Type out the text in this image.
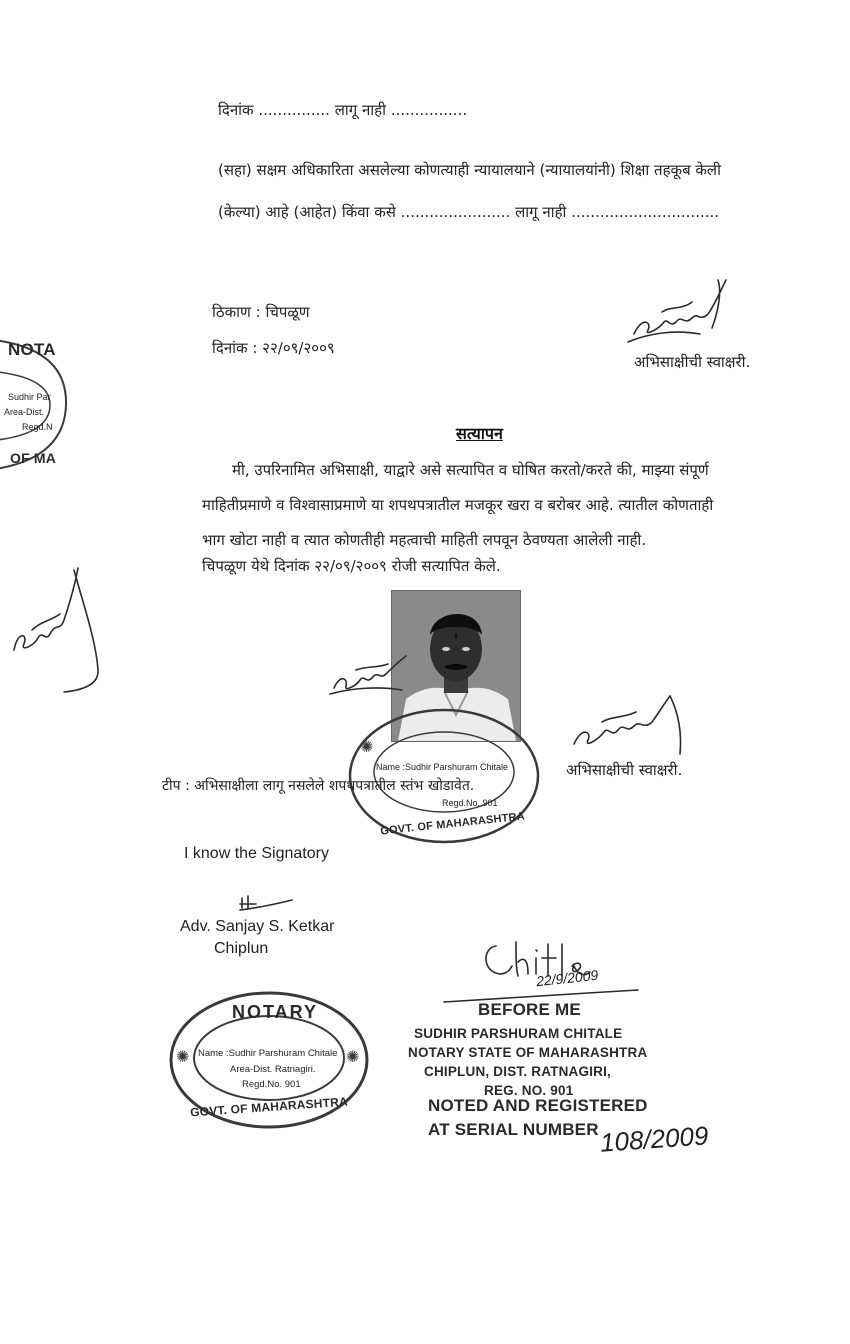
दिनांक ............... लागू नाही ................
(सहा) सक्षम अधिकारिता असलेल्या कोणत्याही न्यायालयाने (न्यायालयांनी) शिक्षा तहकूब केली
(केल्या) आहे (आहेत) किंवा कसे ....................... लागू नाही ...............................
ठिकाण : चिपळूण
दिनांक : २२/०९/२००९
अभिसाक्षीची स्वाक्षरी.
NOTA
Sudhir Par
Area-Dist.
Regd.N
OF MA
सत्यापन
मी, उपरिनामित अभिसाक्षी, याद्वारे असे सत्यापित व घोषित करतो/करते की, माझ्या संपूर्ण
माहितीप्रमाणे व विश्वासाप्रमाणे या शपथपत्रातील मजकूर खरा व बरोबर आहे. त्यातील कोणताही
भाग खोटा नाही व त्यात कोणतीही महत्वाची माहिती लपवून ठेवण्यता आलेली नाही.
चिपळूण येथे दिनांक २२/०९/२००९ रोजी सत्यापित केले.
✺
Name :Sudhir Parshuram Chitale
Regd.No. 901
GOVT. OF MAHARASHTRA
अभिसाक्षीची स्वाक्षरी.
टीप : अभिसाक्षीला लागू नसलेले शपथपत्रातील स्तंभ खोडावेत.
I know the Signatory
Adv. Sanjay S. Ketkar
Chiplun
✺	✺
NOTARY
Name :Sudhir Parshuram Chitale
Area-Dist. Ratnagiri.
Regd.No. 901
GOVT. OF MAHARASHTRA
22/9/2009
BEFORE ME
SUDHIR PARSHURAM CHITALE
NOTARY STATE OF MAHARASHTRA
CHIPLUN, DIST. RATNAGIRI,
REG. NO. 901
NOTED AND REGISTERED
AT SERIAL NUMBER 108/2009
